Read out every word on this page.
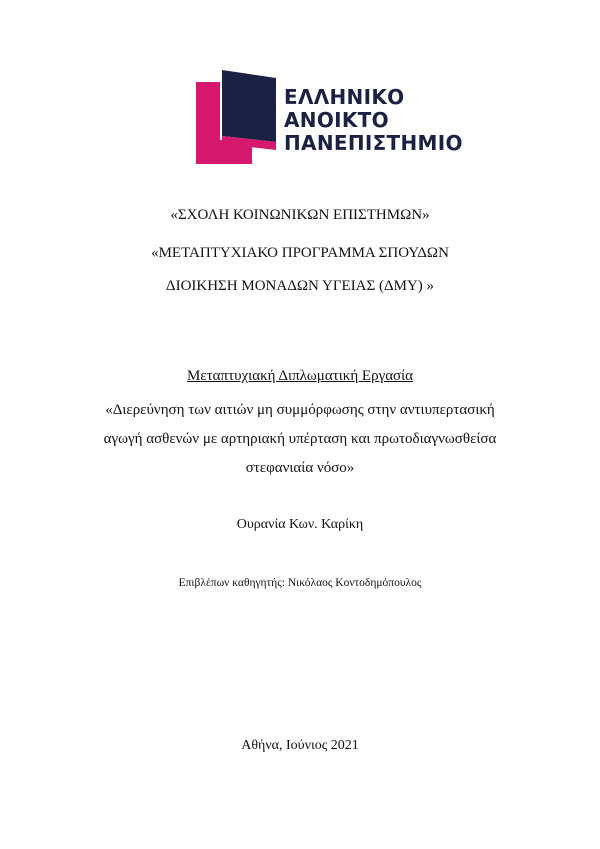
ΕΛΛΗΝΙΚΟ
ΑΝΟΙΚΤΟ
ΠΑΝΕΠΙΣΤΗΜΙΟ
«ΣΧΟΛΗ ΚΟΙΝΩΝΙΚΩΝ ΕΠΙΣΤΗΜΩΝ»
«ΜΕΤΑΠΤΥΧΙΑΚΟ ΠΡΟΓΡΑΜΜΑ ΣΠΟΥΔΩΝ
ΔΙΟΙΚΗΣΗ ΜΟΝΑΔΩΝ ΥΓΕΙΑΣ (ΔΜΥ) »
Μεταπτυχιακή Διπλωματική Εργασία
«Διερεύνηση των αιτιών μη συμμόρφωσης στην αντιυπερτασική
αγωγή ασθενών με αρτηριακή υπέρταση και πρωτοδιαγνωσθείσα
στεφανιαία νόσο»
Ουρανία Κων. Καρίκη
Επιβλέπων καθηγητής: Νικόλαος Κοντοδημόπουλος
Αθήνα, Ιούνιος 2021
